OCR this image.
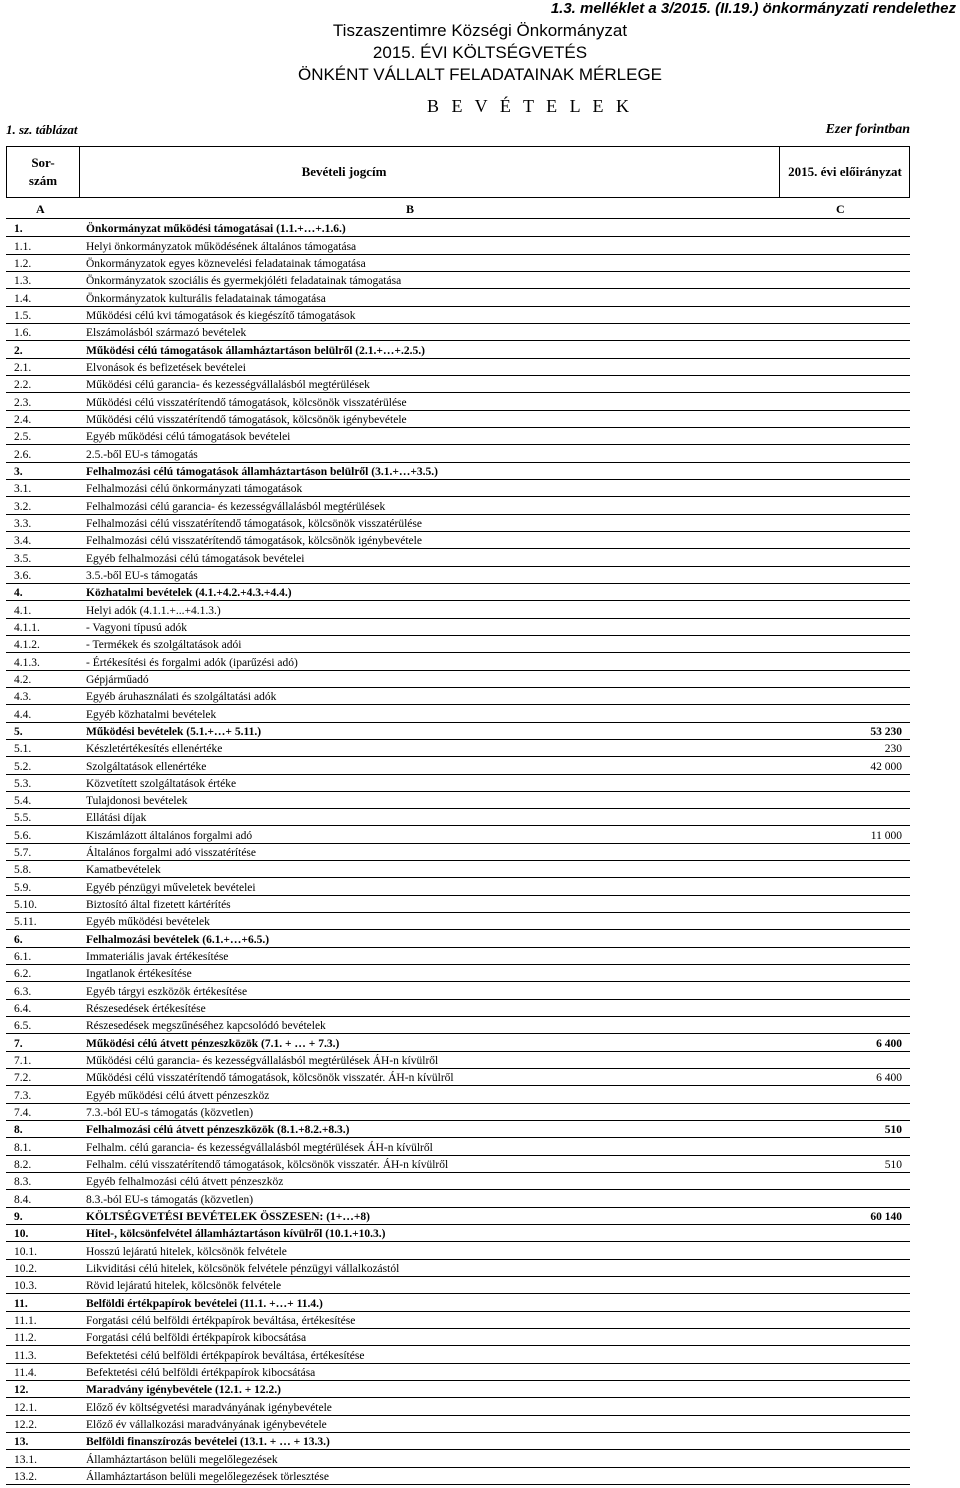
1.3. melléklet a 3/2015. (II.19.) önkormányzati rendelethez
Tiszaszentimre Községi Önkormányzat
2015. ÉVI KÖLTSÉGVETÉS
ÖNKÉNT VÁLLALT FELADATAINAK MÉRLEGE
B E V É T E L E K
1. sz. táblázat	Ezer forintban
Sor-
szám
Bevételi jogcím	2015. évi előirányzat
A	B	C
1.	Önkormányzat működési támogatásai (1.1.+…+.1.6.)
1.1.	Helyi önkormányzatok működésének általános támogatása
1.2.	Önkormányzatok egyes köznevelési feladatainak támogatása
1.3.	Önkormányzatok szociális és gyermekjóléti feladatainak támogatása
1.4.	Önkormányzatok kulturális feladatainak támogatása
1.5.	Működési célú kvi támogatások és kiegészítő támogatások
1.6.	Elszámolásból származó bevételek
2.	Működési célú támogatások államháztartáson belülről (2.1.+…+.2.5.)
2.1.	Elvonások és befizetések bevételei
2.2.	Működési célú garancia- és kezességvállalásból megtérülések
2.3.	Működési célú visszatérítendő támogatások, kölcsönök visszatérülése
2.4.	Működési célú visszatérítendő támogatások, kölcsönök igénybevétele
2.5.	Egyéb működési célú támogatások bevételei
2.6.	2.5.-ből EU-s támogatás
3.	Felhalmozási célú támogatások államháztartáson belülről (3.1.+…+3.5.)
3.1.	Felhalmozási célú önkormányzati támogatások
3.2.	Felhalmozási célú garancia- és kezességvállalásból megtérülések
3.3.	Felhalmozási célú visszatérítendő támogatások, kölcsönök visszatérülése
3.4.	Felhalmozási célú visszatérítendő támogatások, kölcsönök igénybevétele
3.5.	Egyéb felhalmozási célú támogatások bevételei
3.6.	3.5.-ből EU-s támogatás
4.	Közhatalmi bevételek (4.1.+4.2.+4.3.+4.4.)
4.1.	Helyi adók (4.1.1.+...+4.1.3.)
4.1.1.	- Vagyoni típusú adók
4.1.2.	- Termékek és szolgáltatások adói
4.1.3.	- Értékesítési és forgalmi adók (iparűzési adó)
4.2.	Gépjárműadó
4.3.	Egyéb áruhasználati és szolgáltatási adók
4.4.	Egyéb közhatalmi bevételek
5.	Működési bevételek (5.1.+…+ 5.11.)	53 230
5.1.	Készletértékesítés ellenértéke	230
5.2.	Szolgáltatások ellenértéke	42 000
5.3.	Közvetített szolgáltatások értéke
5.4.	Tulajdonosi bevételek
5.5.	Ellátási díjak
5.6.	Kiszámlázott általános forgalmi adó	11 000
5.7.	Általános forgalmi adó visszatérítése
5.8.	Kamatbevételek
5.9.	Egyéb pénzügyi műveletek bevételei
5.10.	Biztosító által fizetett kártérítés
5.11.	Egyéb működési bevételek
6.	Felhalmozási bevételek (6.1.+…+6.5.)
6.1.	Immateriális javak értékesítése
6.2.	Ingatlanok értékesítése
6.3.	Egyéb tárgyi eszközök értékesítése
6.4.	Részesedések értékesítése
6.5.	Részesedések megszűnéséhez kapcsolódó bevételek
7.	Működési célú átvett pénzeszközök (7.1. + … + 7.3.)	6 400
7.1.	Működési célú garancia- és kezességvállalásból megtérülések ÁH-n kívülről
7.2.	Működési célú visszatérítendő támogatások, kölcsönök visszatér. ÁH-n kívülről	6 400
7.3.	Egyéb működési célú átvett pénzeszköz
7.4.	7.3.-ból EU-s támogatás (közvetlen)
8.	Felhalmozási célú átvett pénzeszközök (8.1.+8.2.+8.3.)	510
8.1.	Felhalm. célú garancia- és kezességvállalásból megtérülések ÁH-n kívülről
8.2.	Felhalm. célú visszatérítendő támogatások, kölcsönök visszatér. ÁH-n kívülről	510
8.3.	Egyéb felhalmozási célú átvett pénzeszköz
8.4.	8.3.-ból EU-s támogatás (közvetlen)
9.	KÖLTSÉGVETÉSI BEVÉTELEK ÖSSZESEN: (1+…+8)	60 140
10.	Hitel-, kölcsönfelvétel államháztartáson kívülről (10.1.+10.3.)
10.1.	Hosszú lejáratú hitelek, kölcsönök felvétele
10.2.	Likviditási célú hitelek, kölcsönök felvétele pénzügyi vállalkozástól
10.3.	Rövid lejáratú hitelek, kölcsönök felvétele
11.	Belföldi értékpapírok bevételei (11.1. +…+ 11.4.)
11.1.	Forgatási célú belföldi értékpapírok beváltása, értékesítése
11.2.	Forgatási célú belföldi értékpapírok kibocsátása
11.3.	Befektetési célú belföldi értékpapírok beváltása, értékesítése
11.4.	Befektetési célú belföldi értékpapírok kibocsátása
12.	Maradvány igénybevétele (12.1. + 12.2.)
12.1.	Előző év költségvetési maradványának igénybevétele
12.2.	Előző év vállalkozási maradványának igénybevétele
13.	Belföldi finanszírozás bevételei (13.1. + … + 13.3.)
13.1.	Államháztartáson belüli megelőlegezések
13.2.	Államháztartáson belüli megelőlegezések törlesztése
